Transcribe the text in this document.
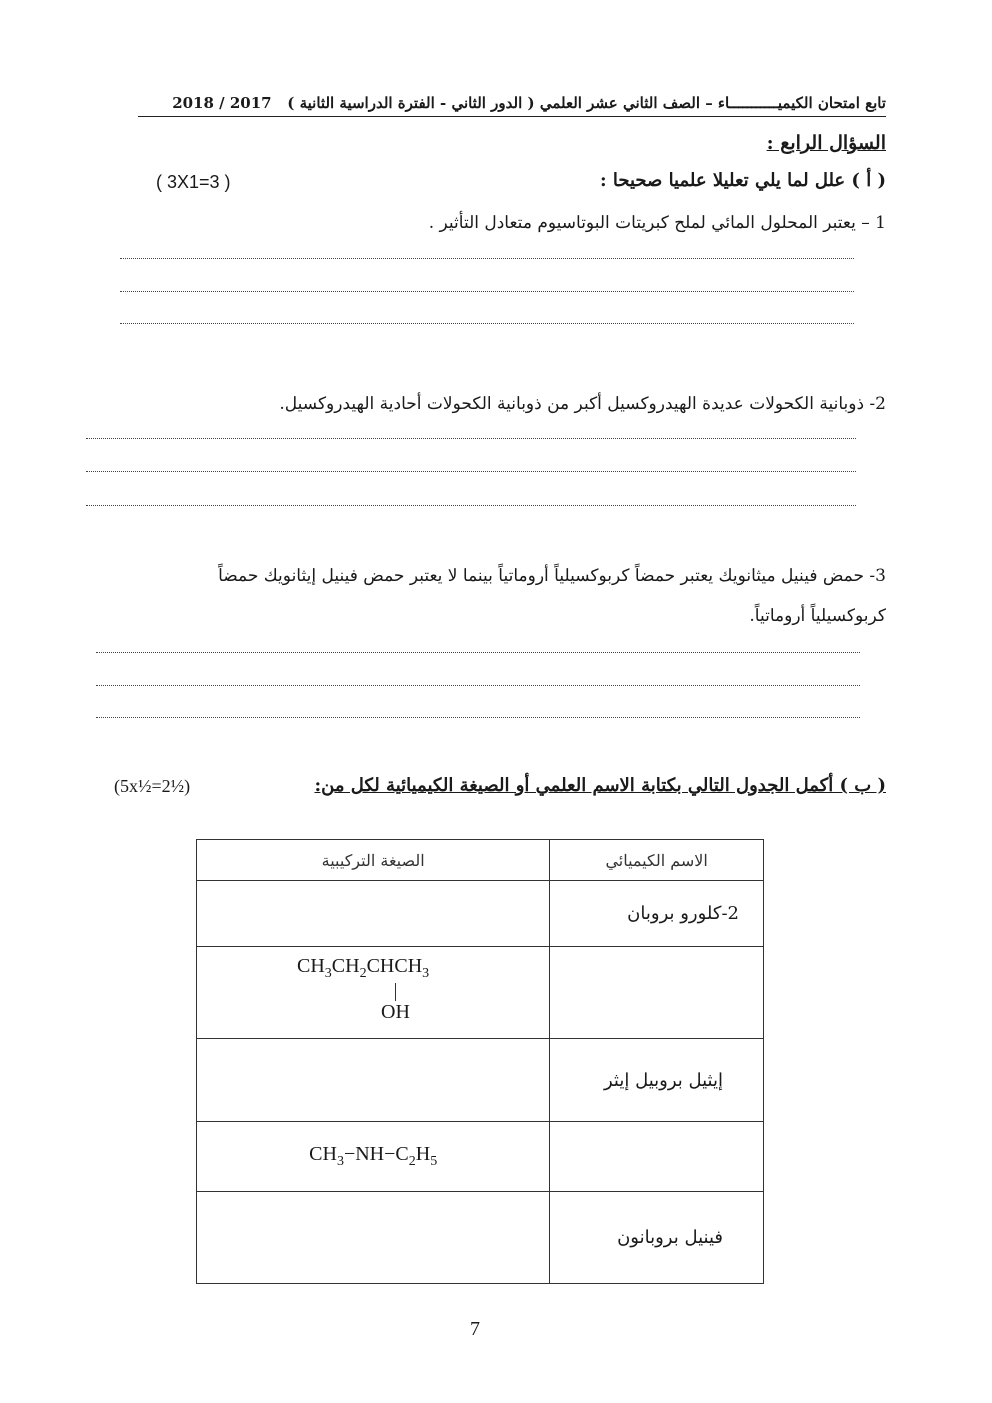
تابع امتحان الكيميـــــــــــاء – الصف الثاني عشر العلمي ( الدور الثاني - الفترة الدراسية الثانية )   2018 / 2017
السؤال الرابع :
( أ ) علل لما يلي تعليلا علميا صحيحا :
( 3X1=3 )
1 – يعتبر المحلول المائي لملح كبريتات البوتاسيوم متعادل التأثير .
2- ذوبانية الكحولات عديدة الهيدروكسيل أكبر من ذوبانية الكحولات أحادية الهيدروكسيل.
3- حمض فينيل ميثانويك يعتبر حمضاً كربوكسيلياً أروماتياً بينما لا يعتبر حمض فينيل إيثانويك حمضاً
كربوكسيلياً أروماتياً.
( ب ) أكمل الجدول التالي بكتابة الاسم العلمي أو الصيغة الكيميائية لكل من:
(5x½=2½)
الصيغة التركيبية	الاسم الكيميائي
	2-كلورو بروبان

$CH_3CH_2CHCH_3$
OH	

	إيثيل بروبيل إيثر
$CH_3-NH-C_2H_5$	
	فينيل بروبانون
7
